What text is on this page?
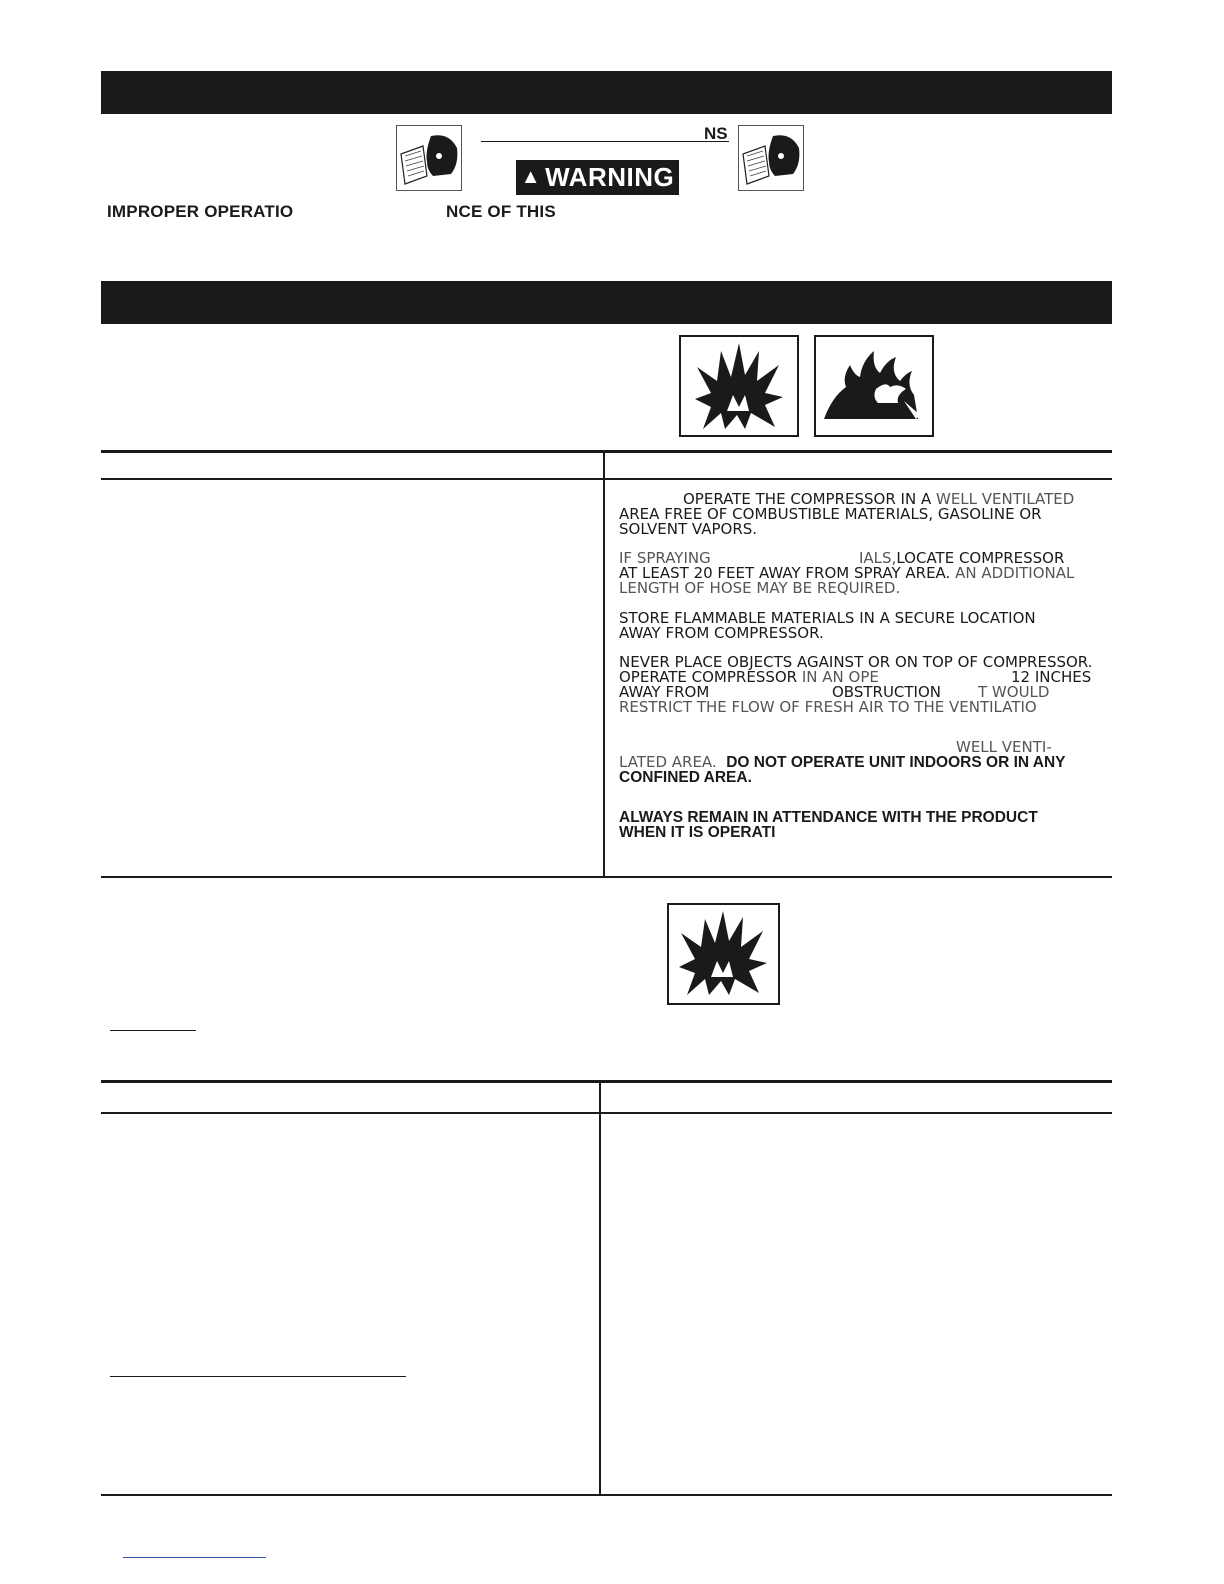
NS
▲ WARNING
IMPROPER OPERATIO	NCE OF THIS
OPERATE THE COMPRESSOR IN A WELL VENTILATED
AREA FREE OF COMBUSTIBLE MATERIALS, GASOLINE OR
SOLVENT VAPORS.
IF SPRAYING	IALS,LOCATE COMPRESSOR
AT LEAST 20 FEET AWAY FROM SPRAY AREA. AN ADDITIONAL
LENGTH OF HOSE MAY BE REQUIRED.
STORE FLAMMABLE MATERIALS IN A SECURE LOCATION
AWAY FROM COMPRESSOR.
NEVER PLACE OBJECTS AGAINST OR ON TOP OF COMPRESSOR.
OPERATE COMPRESSOR IN AN OPE	12 INCHES
AWAY FROM	OBSTRUCTION T WOULD
RESTRICT THE FLOW OF FRESH AIR TO THE VENTILATIO
WELL VENTI-
LATED AREA. DO NOT OPERATE UNIT INDOORS OR IN ANY
CONFINED AREA.
ALWAYS REMAIN IN ATTENDANCE WITH THE PRODUCT
WHEN IT IS OPERATI
